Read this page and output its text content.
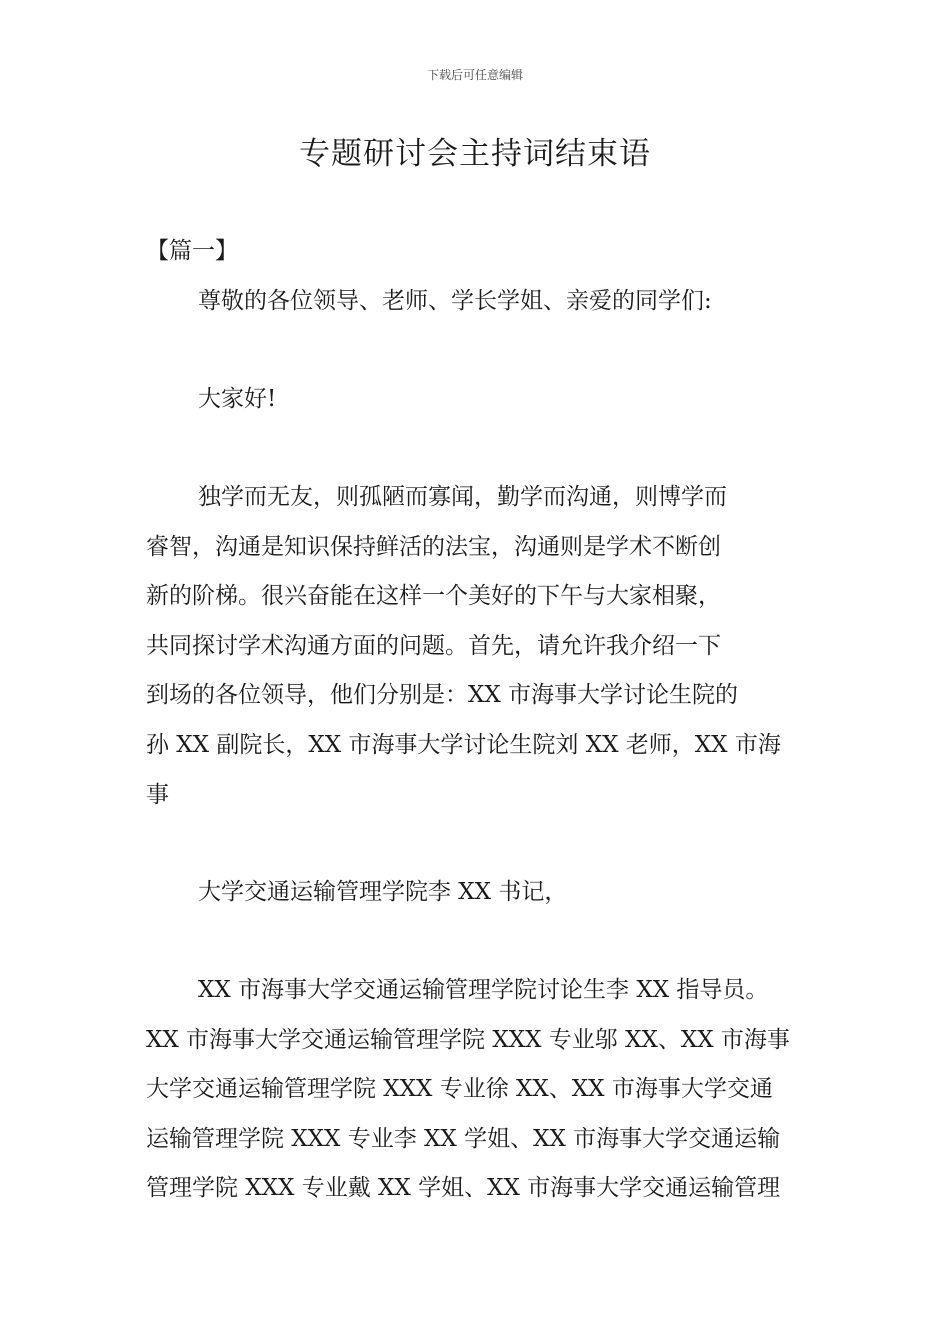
下载后可任意编辑
专题研讨会主持词结束语
【篇一】

尊敬的各位领导、老师、学长学姐、亲爱的同学们:

大家好!

独学而无友，则孤陋而寡闻，勤学而沟通，则博学而
睿智，沟通是知识保持鲜活的法宝，沟通则是学术不断创
新的阶梯。很兴奋能在这样一个美好的下午与大家相聚，
共同探讨学术沟通方面的问题。首先，请允许我介绍一下
到场的各位领导，他们分别是：XX 市海事大学讨论生院的
孙 XX 副院长，XX 市海事大学讨论生院刘 XX 老师，XX 市海
事

大学交通运输管理学院李 XX 书记，

XX 市海事大学交通运输管理学院讨论生李 XX 指导员。
XX 市海事大学交通运输管理学院 XXX 专业邬 XX、XX 市海事
大学交通运输管理学院 XXX 专业徐 XX、XX 市海事大学交通
运输管理学院 XXX 专业李 XX 学姐、XX 市海事大学交通运输
管理学院 XXX 专业戴 XX 学姐、XX 市海事大学交通运输管理
